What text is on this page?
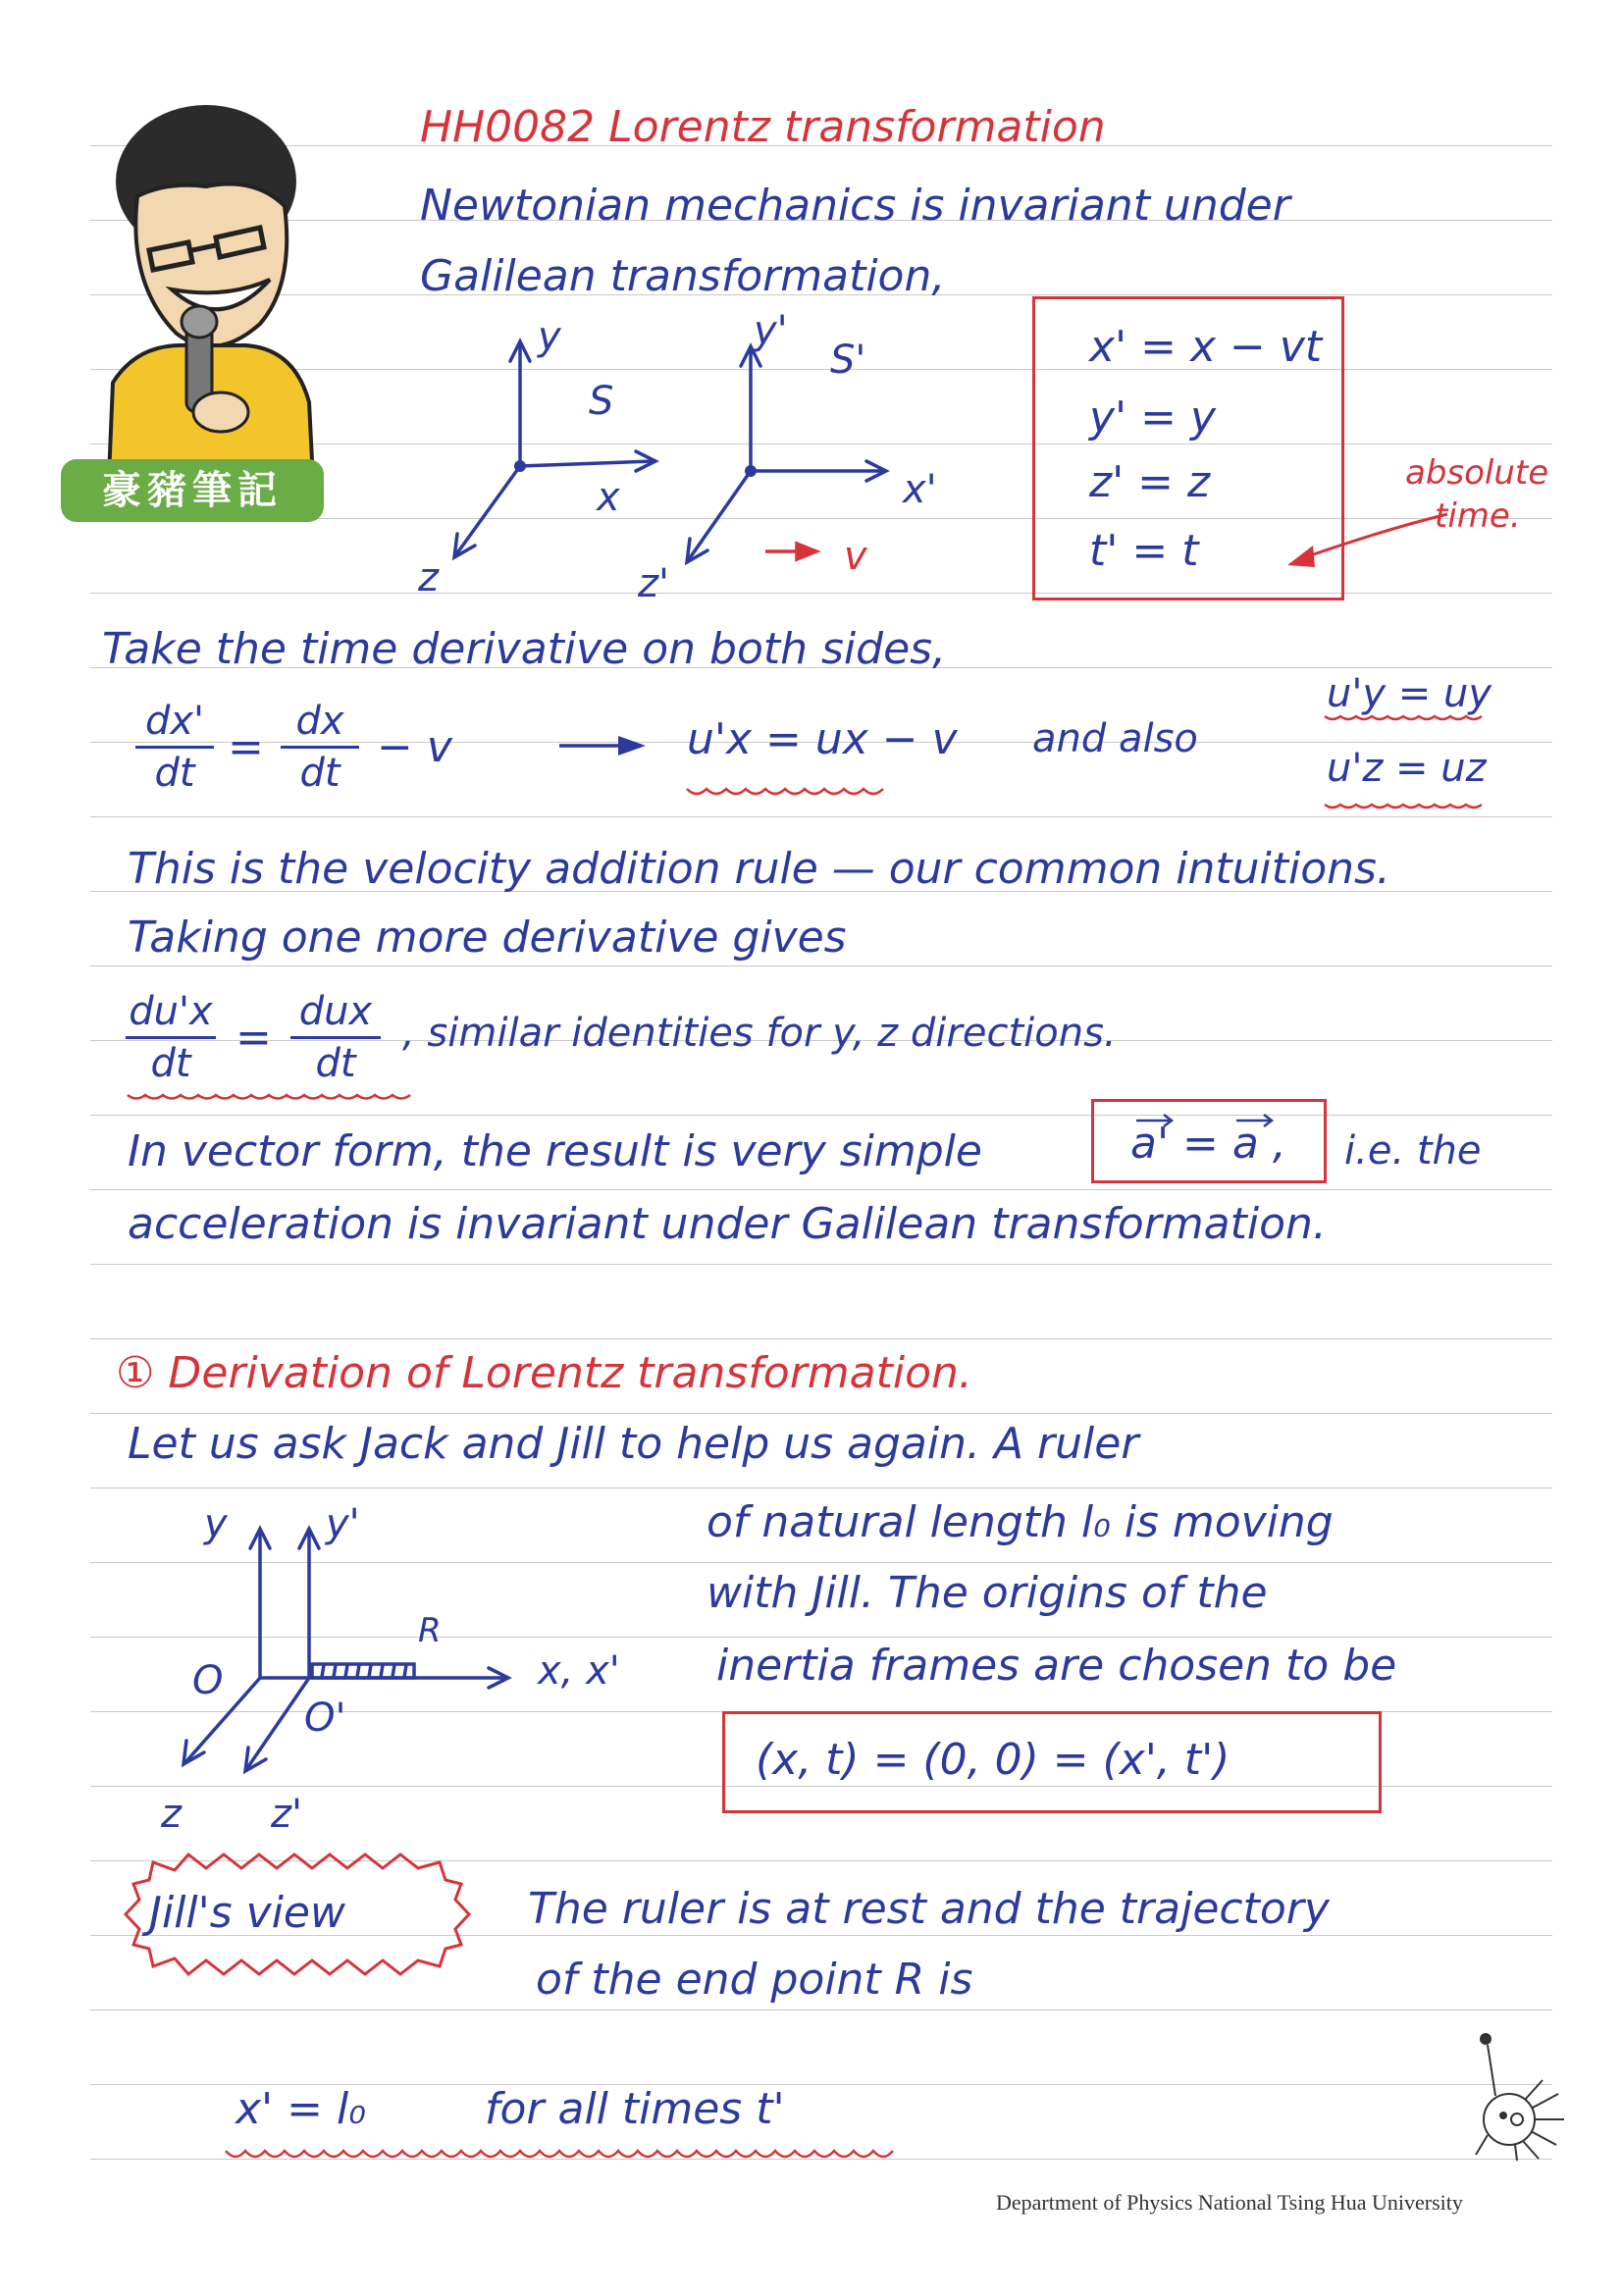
豪豬筆記
HH0082 Lorentz transformation
Newtonian mechanics is invariant under
Galilean transformation,
y
S
x
z
y'
S'
x'
z'
v
x' = x − vt
y' = y
z' = z
t' = t
absolute
time.
Take the time derivative on both sides,
dx'
dt
=
dx
dt
− v	u'x = ux − v and also
u'y = uy
u'z = uz
This is the velocity addition rule — our common intuitions.
Taking one more derivative gives
du'x
dt
=
dux
dt
, similar identities for y, z directions.
In vector form, the result is very simple	a' = a , i.e. the
acceleration is invariant under Galilean transformation.
① Derivation of Lorentz transformation.
Let us ask Jack and Jill to help us again. A ruler
of natural length l₀ is moving
with Jill. The origins of the
inertia frames are chosen to be
y	y'
R
x, x'
O
O'
z z'
(x, t) = (0, 0) = (x', t')
Jill's view	The ruler is at rest and the trajectory
of the end point R is
x' = l₀	for all times t'
Department of Physics National Tsing Hua University
